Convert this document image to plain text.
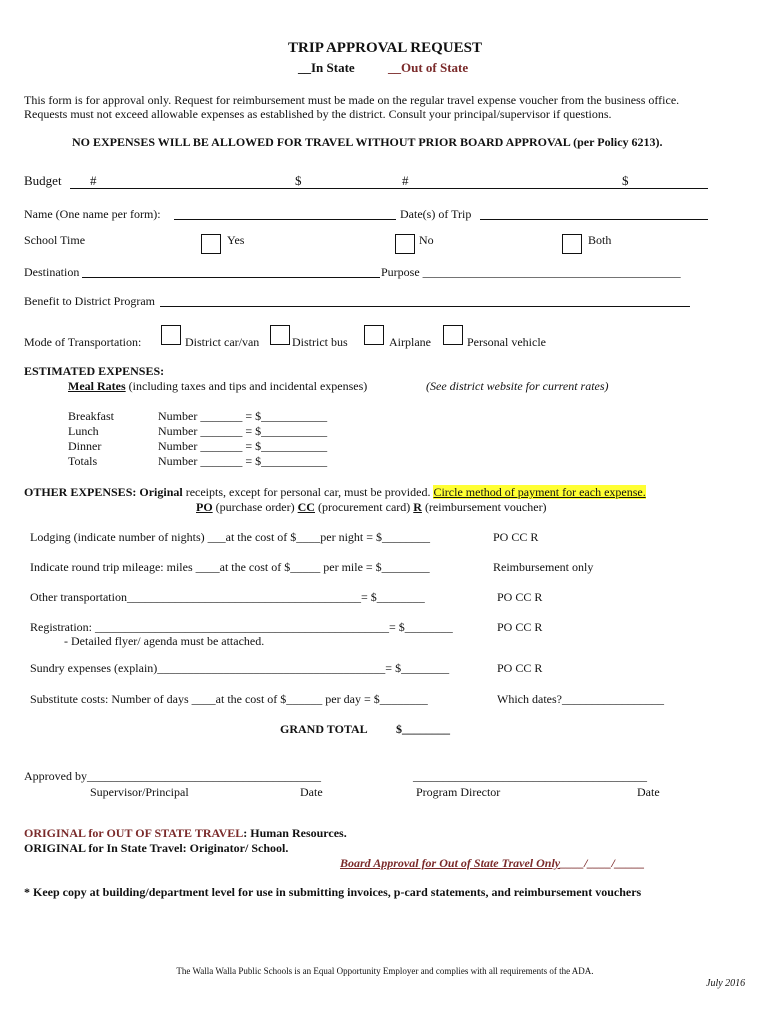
TRIP APPROVAL REQUEST
__In State	__Out of State
This form is for approval only. Request for reimbursement must be made on the regular travel expense voucher from the business office.
Requests must not exceed allowable expenses as established by the district. Consult your principal/supervisor if questions.
NO EXPENSES WILL BE ALLOWED FOR TRAVEL WITHOUT PRIOR BOARD APPROVAL (per Policy 6213).
Budget #	$	#	$
Name (One name per form):	Date(s) of Trip
School Time	Yes	No	Both
Destination	Purpose ___________________________________________
Benefit to District Program
Mode of Transportation:	District car/van	District bus	Airplane	Personal vehicle
ESTIMATED EXPENSES:
Meal Rates (including taxes and tips and incidental expenses)	(See district website for current rates)
Breakfast	Number _______ = $___________
Lunch	Number _______ = $___________
Dinner	Number _______ = $___________
Totals	Number _______ = $___________
OTHER EXPENSES: Original receipts, except for personal car, must be provided. Circle method of payment for each expense.
PO (purchase order) CC (procurement card) R (reimbursement voucher)
Lodging (indicate number of nights) ___at the cost of $____per night = $________	PO CC R
Indicate round trip mileage: miles ____at the cost of $_____ per mile = $________	Reimbursement only
Other transportation_______________________________________= $________	PO CC R
Registration: _________________________________________________= $________	PO CC R
- Detailed flyer/ agenda must be attached.
Sundry expenses (explain)______________________________________= $________	PO CC R
Substitute costs: Number of days ____at the cost of $______ per day = $________	Which dates?_________________
GRAND TOTAL $________
Approved by_______________________________________	_______________________________________
Supervisor/Principal	Date	Program Director	Date
ORIGINAL for OUT OF STATE TRAVEL: Human Resources.
ORIGINAL for In State Travel: Originator/ School.
Board Approval for Out of State Travel Only____/____/_____
* Keep copy at building/department level for use in submitting invoices, p-card statements, and reimbursement vouchers
The Walla Walla Public Schools is an Equal Opportunity Employer and complies with all requirements of the ADA.
July 2016
